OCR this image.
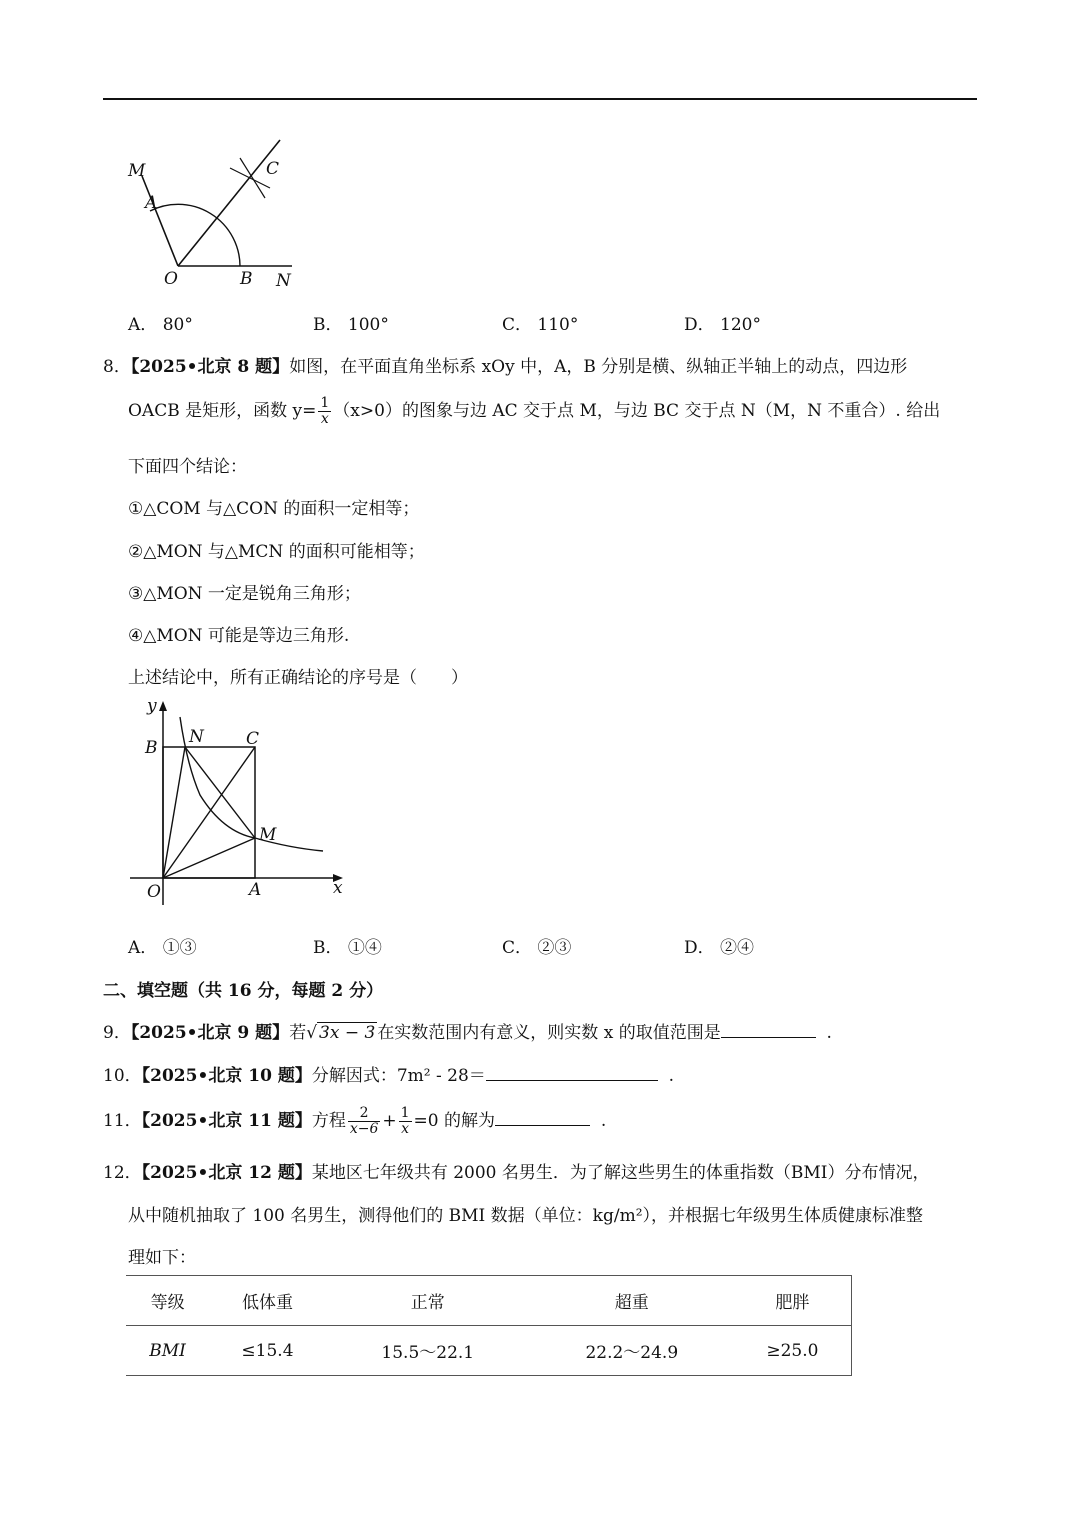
M
A
C
O	B N
A． 80°	B． 100°	C． 110°	D． 120°
8．【2025•北京 8 题】如图，在平面直角坐标系 xOy 中，A，B 分别是横、纵轴正半轴上的动点，四边形
OACB 是矩形，函数 $y= \frac{1}{x} (x>0)$的图象与边 AC 交于点 M，与边 BC 交于点 N（M，N 不重合）. 给出
下面四个结论：
①△COM 与△CON 的面积一定相等；
②△MON 与△MCN 的面积可能相等；
③△MON 一定是锐角三角形；
④△MON 可能是等边三角形.
上述结论中，所有正确结论的序号是（　　）
y
B
N C
M
O	A	x
A． ①③	B． ①④	C． ②③	D． ②④
二、填空题（共 16 分，每题 2 分）
9．【2025•北京 9 题】若√ 3x − 3 在实数范围内有意义，则实数 x 的取值范围是	.
10．【2025•北京 10 题】分解因式：7m² - 28＝	.
11．【2025•北京 11 题】方程 $\frac{2}{x-6} + \frac{1}{x} =0$ 的解为	.
12．【2025•北京 12 题】某地区七年级共有 2000 名男生．为了解这些男生的体重指数（BMI）分布情况，
从中随机抽取了 100 名男生，测得他们的 BMI 数据（单位：kg/m²），并根据七年级男生体质健康标准整
理如下：
等级	低体重	正常	超重	肥胖
BMI	≤15.4	15.5～22.1	22.2～24.9	≥25.0
